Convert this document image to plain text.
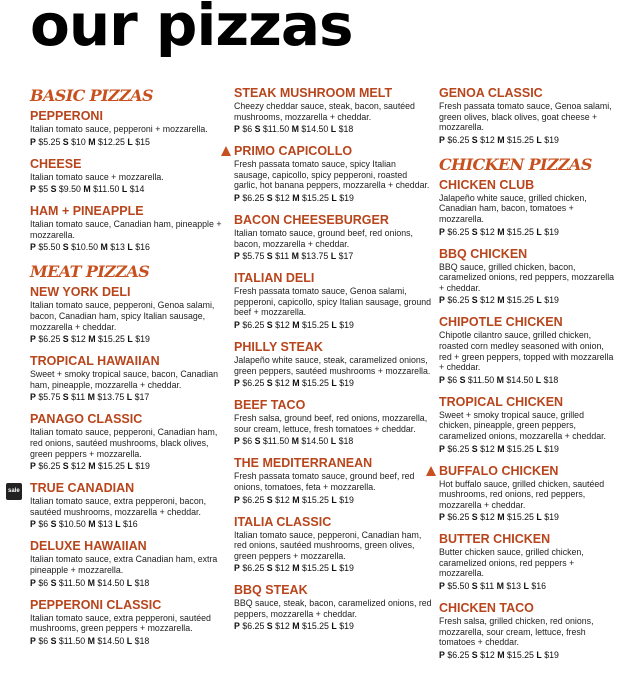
our pizzas
BASIC PIZZAS
PEPPERONI
Italian tomato sauce, pepperoni + mozzarella.
P $5.25 S $10 M $12.25 L $15
CHEESE
Italian tomato sauce + mozzarella.
P $5 S $9.50 M $11.50 L $14
HAM + PINEAPPLE
Italian tomato sauce, Canadian ham, pineapple + mozzarella.
P $5.50 S $10.50 M $13 L $16
MEAT PIZZAS
NEW YORK DELI
Italian tomato sauce, pepperoni, Genoa salami, bacon, Canadian ham, spicy Italian sausage, mozzarella + cheddar.
P $6.25 S $12 M $15.25 L $19
TROPICAL HAWAIIAN
Sweet + smoky tropical sauce, bacon, Canadian ham, pineapple, mozzarella + cheddar.
P $5.75 S $11 M $13.75 L $17
PANAGO CLASSIC
Italian tomato sauce, pepperoni, Canadian ham, red onions, sautéed mushrooms, black olives, green peppers + mozzarella.
P $6.25 S $12 M $15.25 L $19
TRUE CANADIAN
sale
Italian tomato sauce, extra pepperoni, bacon, sautéed mushrooms, mozzarella + cheddar.
P $6 S $10.50 M $13 L $16
DELUXE HAWAIIAN
Italian tomato sauce, extra Canadian ham, extra pineapple + mozzarella.
P $6 S $11.50 M $14.50 L $18
PEPPERONI CLASSIC
Italian tomato sauce, extra pepperoni, sautéed mushrooms, green peppers + mozzarella.
P $6 S $11.50 M $14.50 L $18
STEAK MUSHROOM MELT
Cheezy cheddar sauce, steak, bacon, sautéed mushrooms, mozzarella + cheddar.
P $6 S $11.50 M $14.50 L $18
PRIMO CAPICOLLO
Fresh passata tomato sauce, spicy Italian sausage, capicollo, spicy pepperoni, roasted garlic, hot banana peppers, mozzarella + cheddar.
P $6.25 S $12 M $15.25 L $19
BACON CHEESEBURGER
Italian tomato sauce, ground beef, red onions, bacon, mozzarella + cheddar.
P $5.75 S $11 M $13.75 L $17
ITALIAN DELI
Fresh passata tomato sauce, Genoa salami, pepperoni, capicollo, spicy Italian sausage, ground beef + mozzarella.
P $6.25 S $12 M $15.25 L $19
PHILLY STEAK
Jalapeño white sauce, steak, caramelized onions, green peppers, sautéed mushrooms + mozzarella.
P $6.25 S $12 M $15.25 L $19
BEEF TACO
Fresh salsa, ground beef, red onions, mozzarella, sour cream, lettuce, fresh tomatoes + cheddar.
P $6 S $11.50 M $14.50 L $18
THE MEDITERRANEAN
Fresh passata tomato sauce, ground beef, red onions, tomatoes, feta + mozzarella.
P $6.25 S $12 M $15.25 L $19
ITALIA CLASSIC
Italian tomato sauce, pepperoni, Canadian ham, red onions, sautéed mushrooms, green olives, green peppers + mozzarella.
P $6.25 S $12 M $15.25 L $19
BBQ STEAK
BBQ sauce, steak, bacon, caramelized onions, red peppers, mozzarella + cheddar.
P $6.25 S $12 M $15.25 L $19
GENOA CLASSIC
Fresh passata tomato sauce, Genoa salami, green olives, black olives, goat cheese + mozzarella.
P $6.25 S $12 M $15.25 L $19
CHICKEN PIZZAS
CHICKEN CLUB
Jalapeño white sauce, grilled chicken, Canadian ham, bacon, tomatoes + mozzarella.
P $6.25 S $12 M $15.25 L $19
BBQ CHICKEN
BBQ sauce, grilled chicken, bacon, caramelized onions, red peppers, mozzarella + cheddar.
P $6.25 S $12 M $15.25 L $19
CHIPOTLE CHICKEN
Chipotle cilantro sauce, grilled chicken, roasted corn medley seasoned with onion, red + green peppers, topped with mozzarella + cheddar.
P $6 S $11.50 M $14.50 L $18
TROPICAL CHICKEN
Sweet + smoky tropical sauce, grilled chicken, pineapple, green peppers, caramelized onions, mozzarella + cheddar.
P $6.25 S $12 M $15.25 L $19
BUFFALO CHICKEN
Hot buffalo sauce, grilled chicken, sautéed mushrooms, red onions, red peppers, mozzarella + cheddar.
P $6.25 S $12 M $15.25 L $19
BUTTER CHICKEN
Butter chicken sauce, grilled chicken, caramelized onions, red peppers + mozzarella.
P $5.50 S $11 M $13 L $16
CHICKEN TACO
Fresh salsa, grilled chicken, red onions, mozzarella, sour cream, lettuce, fresh tomatoes + cheddar.
P $6.25 S $12 M $15.25 L $19
